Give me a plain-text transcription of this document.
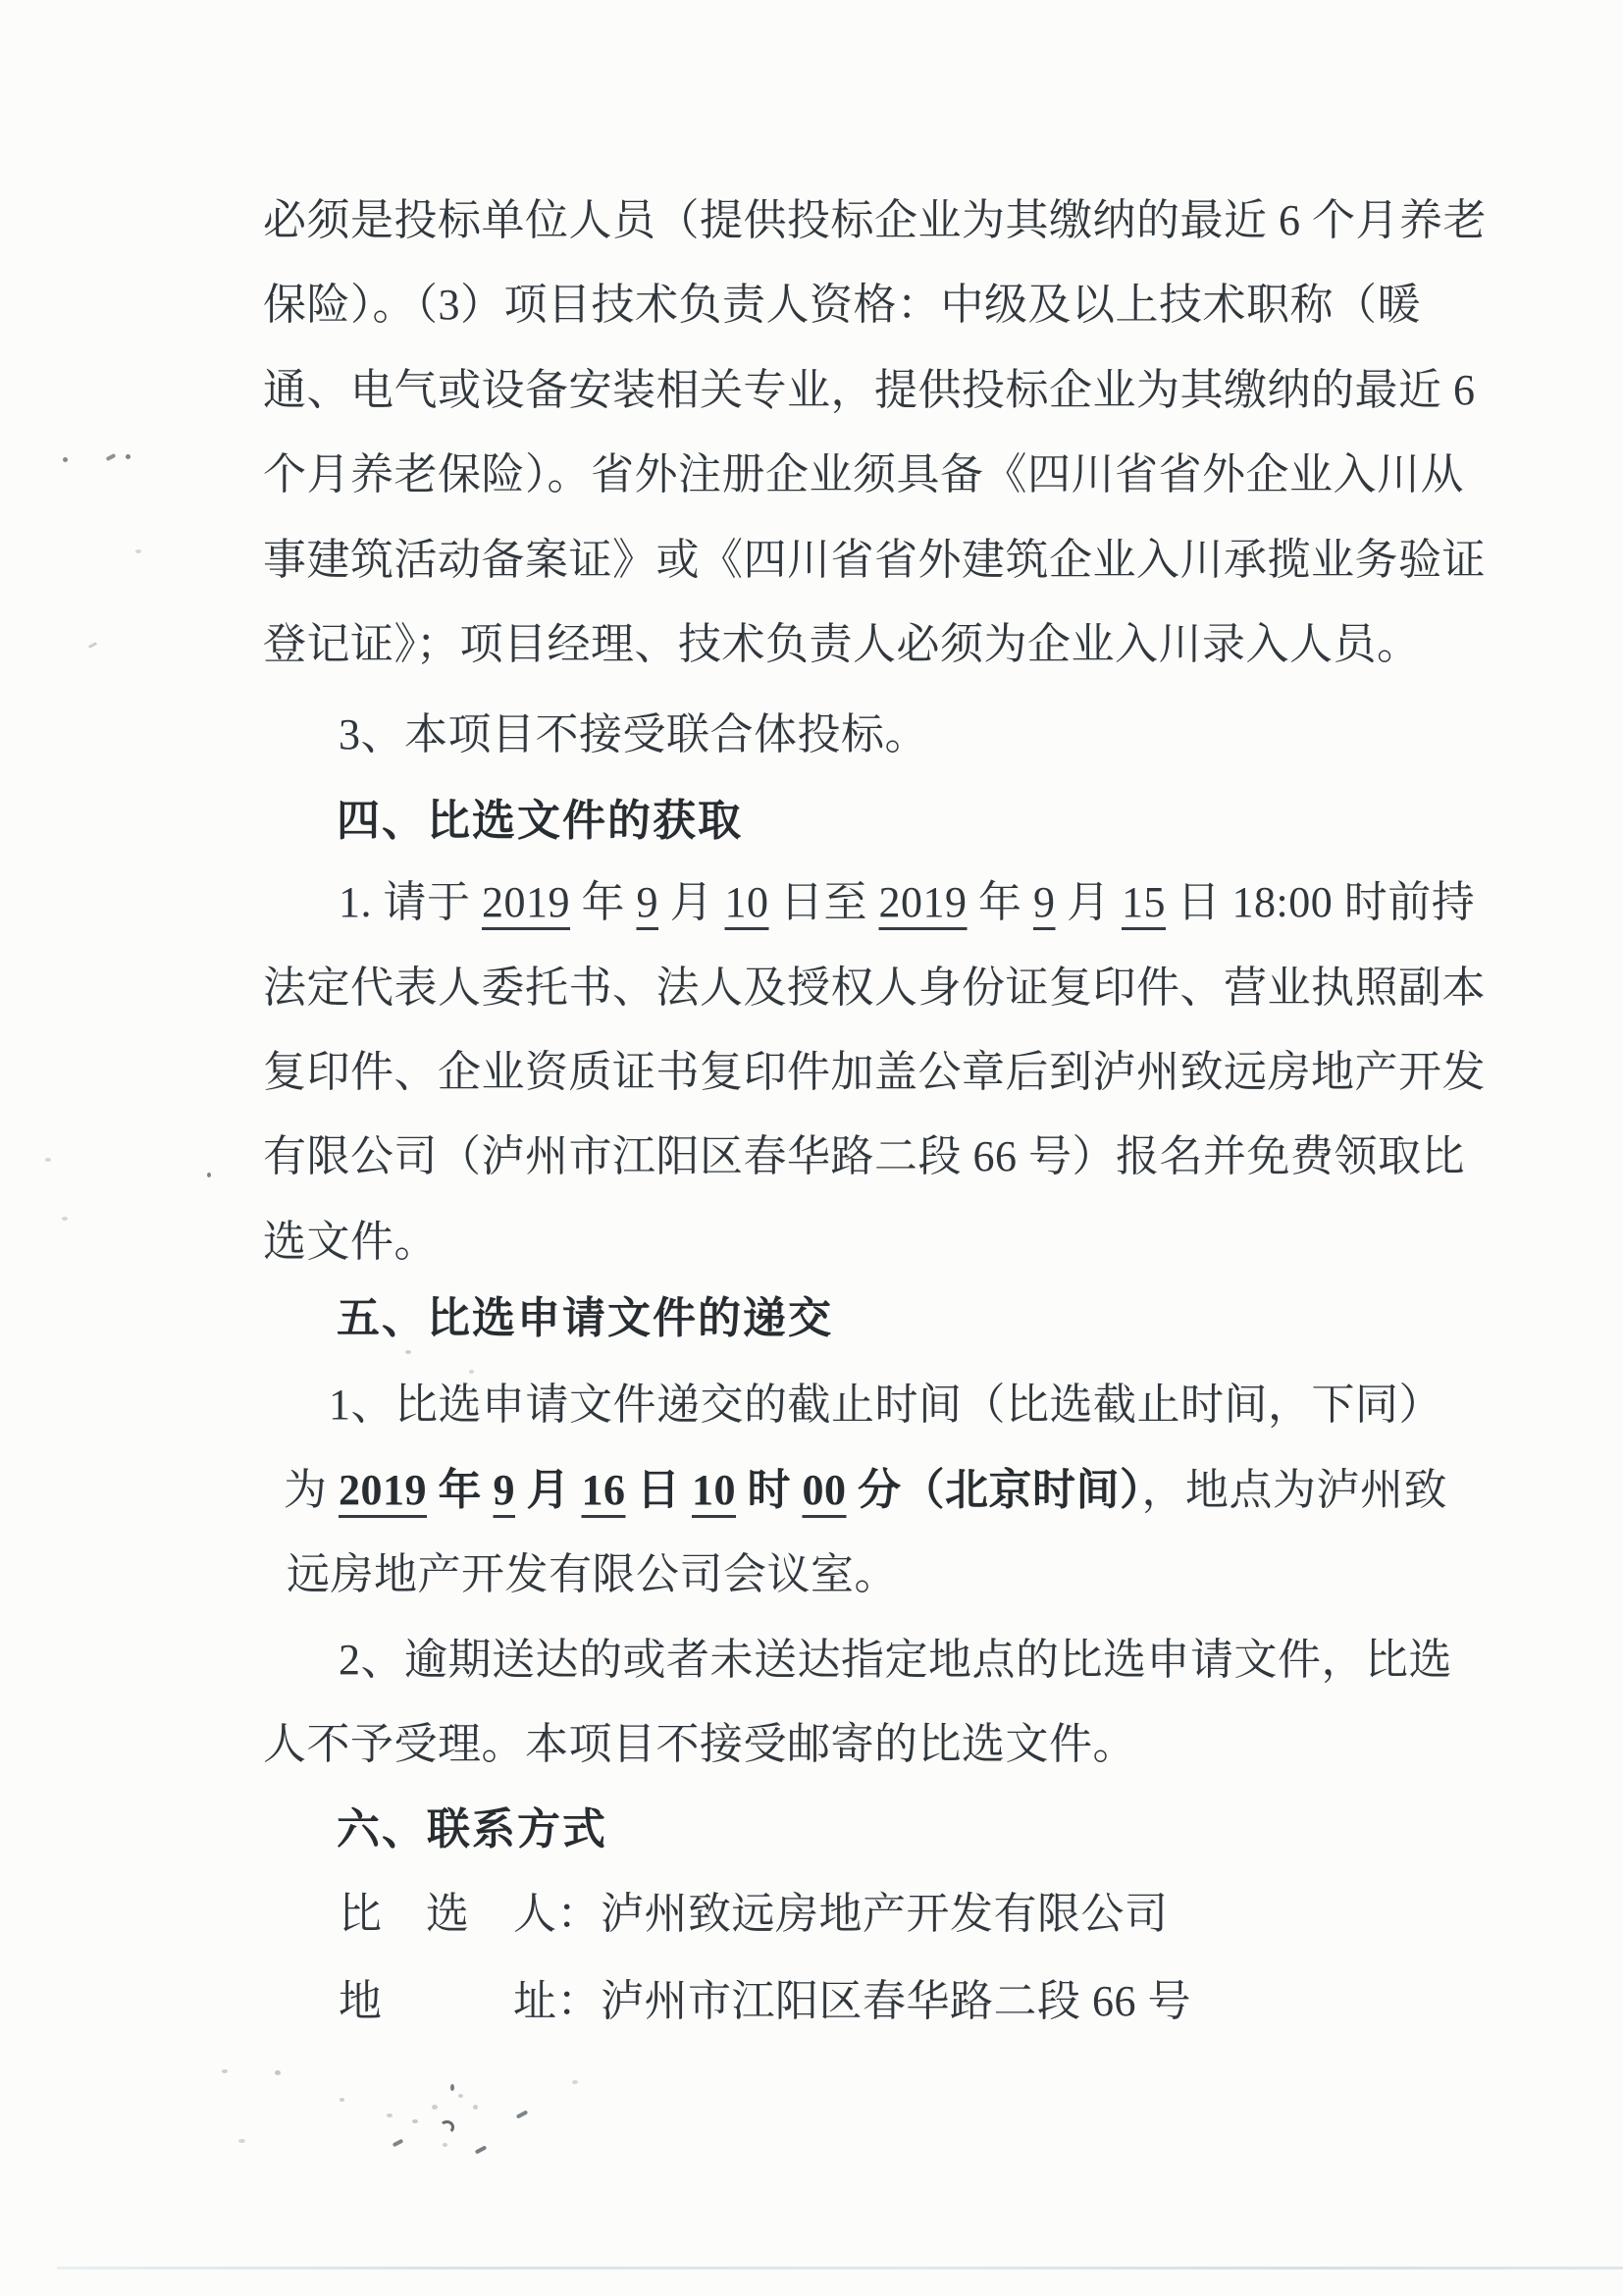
必须是投标单位人员（提供投标企业为其缴纳的最近 6 个月养老
保险）。（3）项目技术负责人资格：中级及以上技术职称（暖
通、电气或设备安装相关专业，提供投标企业为其缴纳的最近 6
个月养老保险）。省外注册企业须具备《四川省省外企业入川从
事建筑活动备案证》或《四川省省外建筑企业入川承揽业务验证
登记证》；项目经理、技术负责人必须为企业入川录入人员。
3、本项目不接受联合体投标。
四、比选文件的获取
1. 请于 2019 年 9 月 10 日至 2019 年 9 月 15 日 18:00 时前持
法定代表人委托书、法人及授权人身份证复印件、营业执照副本
复印件、企业资质证书复印件加盖公章后到泸州致远房地产开发
有限公司（泸州市江阳区春华路二段 66 号）报名并免费领取比
选文件。
五、比选申请文件的递交
1、比选申请文件递交的截止时间（比选截止时间，下同）
为 2019 年 9 月 16 日 10 时 00 分（北京时间），地点为泸州致
远房地产开发有限公司会议室。
2、逾期送达的或者未送达指定地点的比选申请文件，比选
人不予受理。本项目不接受邮寄的比选文件。
六、联系方式
比　选　人：泸州致远房地产开发有限公司
地　　　址：泸州市江阳区春华路二段 66 号
